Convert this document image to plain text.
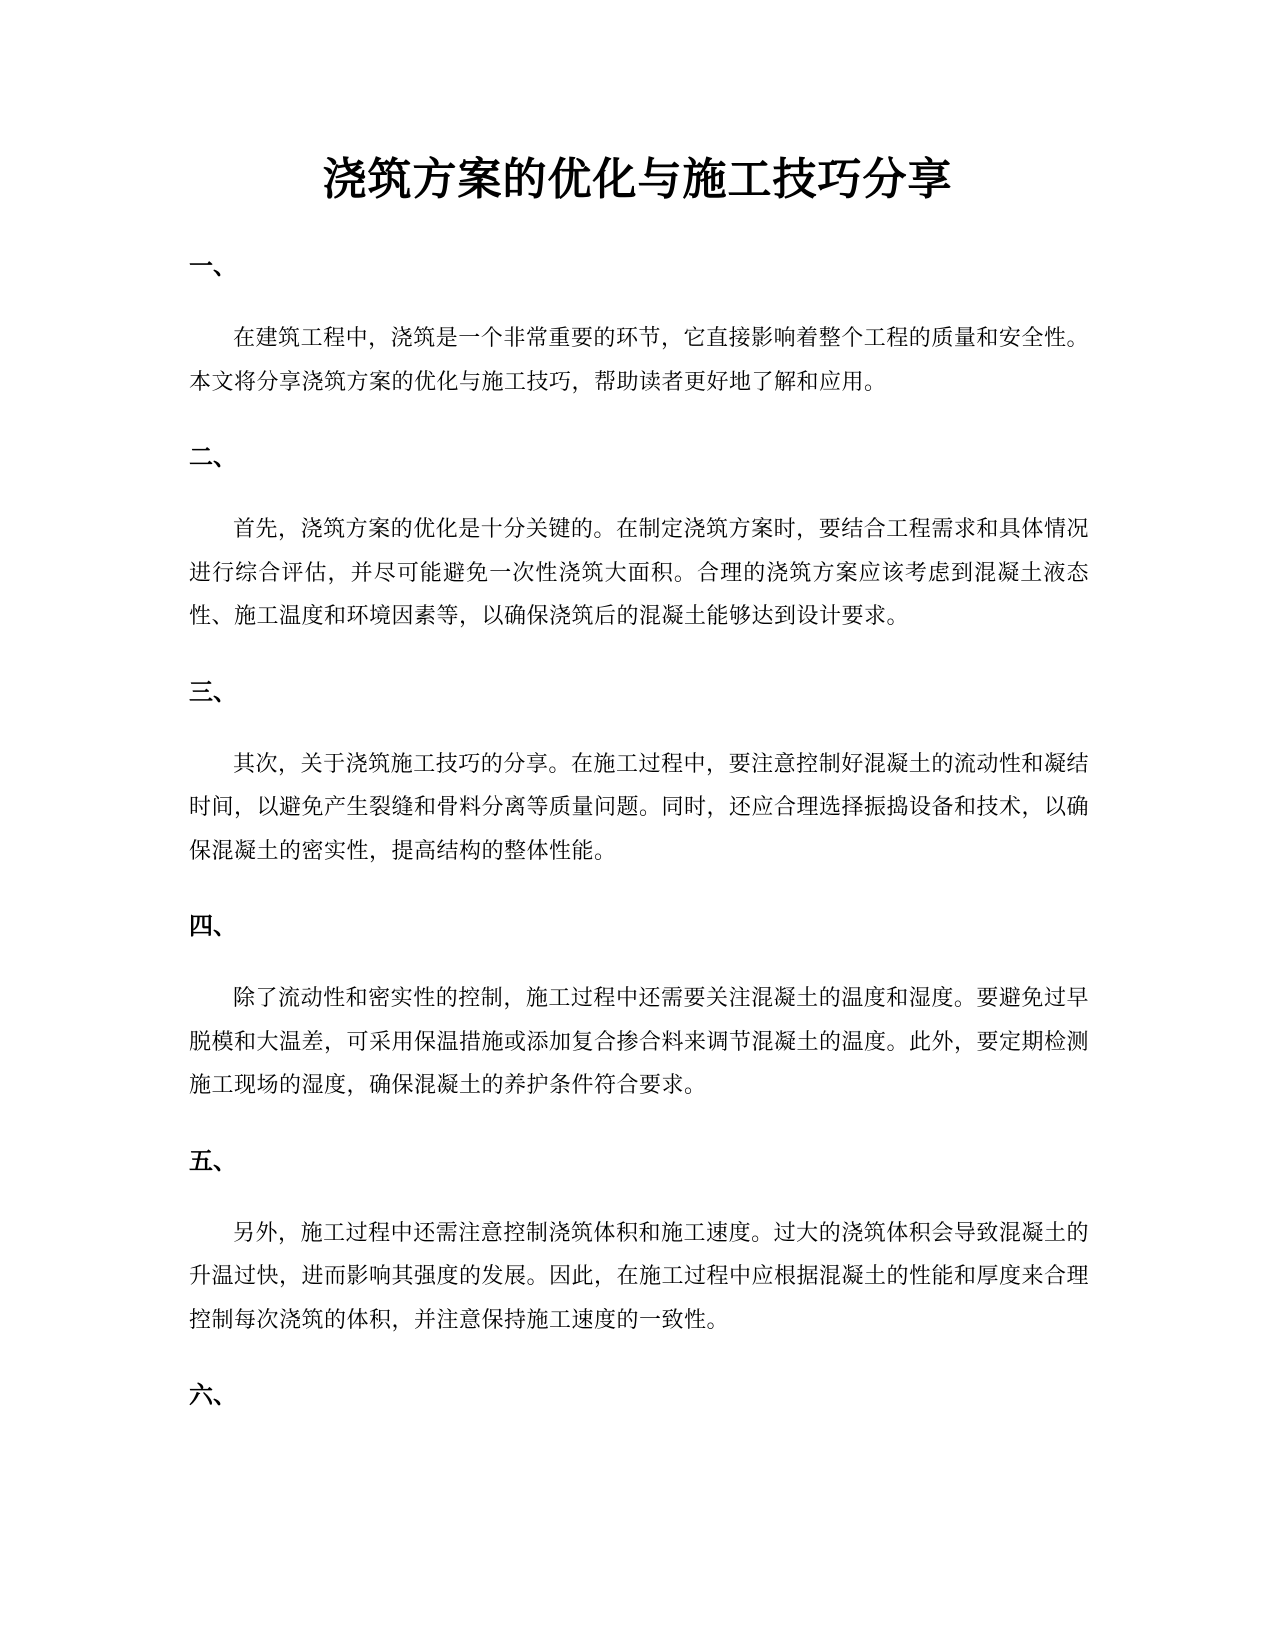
浇筑方案的优化与施工技巧分享
一、

在建筑工程中，浇筑是一个非常重要的环节，它直接影响着整个工程的质量和安全性。本文将分享浇筑方案的优化与施工技巧，帮助读者更好地了解和应用。

二、

首先，浇筑方案的优化是十分关键的。在制定浇筑方案时，要结合工程需求和具体情况进行综合评估，并尽可能避免一次性浇筑大面积。合理的浇筑方案应该考虑到混凝土液态性、施工温度和环境因素等，以确保浇筑后的混凝土能够达到设计要求。

三、

其次，关于浇筑施工技巧的分享。在施工过程中，要注意控制好混凝土的流动性和凝结时间，以避免产生裂缝和骨料分离等质量问题。同时，还应合理选择振捣设备和技术，以确保混凝土的密实性，提高结构的整体性能。

四、

除了流动性和密实性的控制，施工过程中还需要关注混凝土的温度和湿度。要避免过早脱模和大温差，可采用保温措施或添加复合掺合料来调节混凝土的温度。此外，要定期检测施工现场的湿度，确保混凝土的养护条件符合要求。

五、

另外，施工过程中还需注意控制浇筑体积和施工速度。过大的浇筑体积会导致混凝土的升温过快，进而影响其强度的发展。因此，在施工过程中应根据混凝土的性能和厚度来合理控制每次浇筑的体积，并注意保持施工速度的一致性。

六、
